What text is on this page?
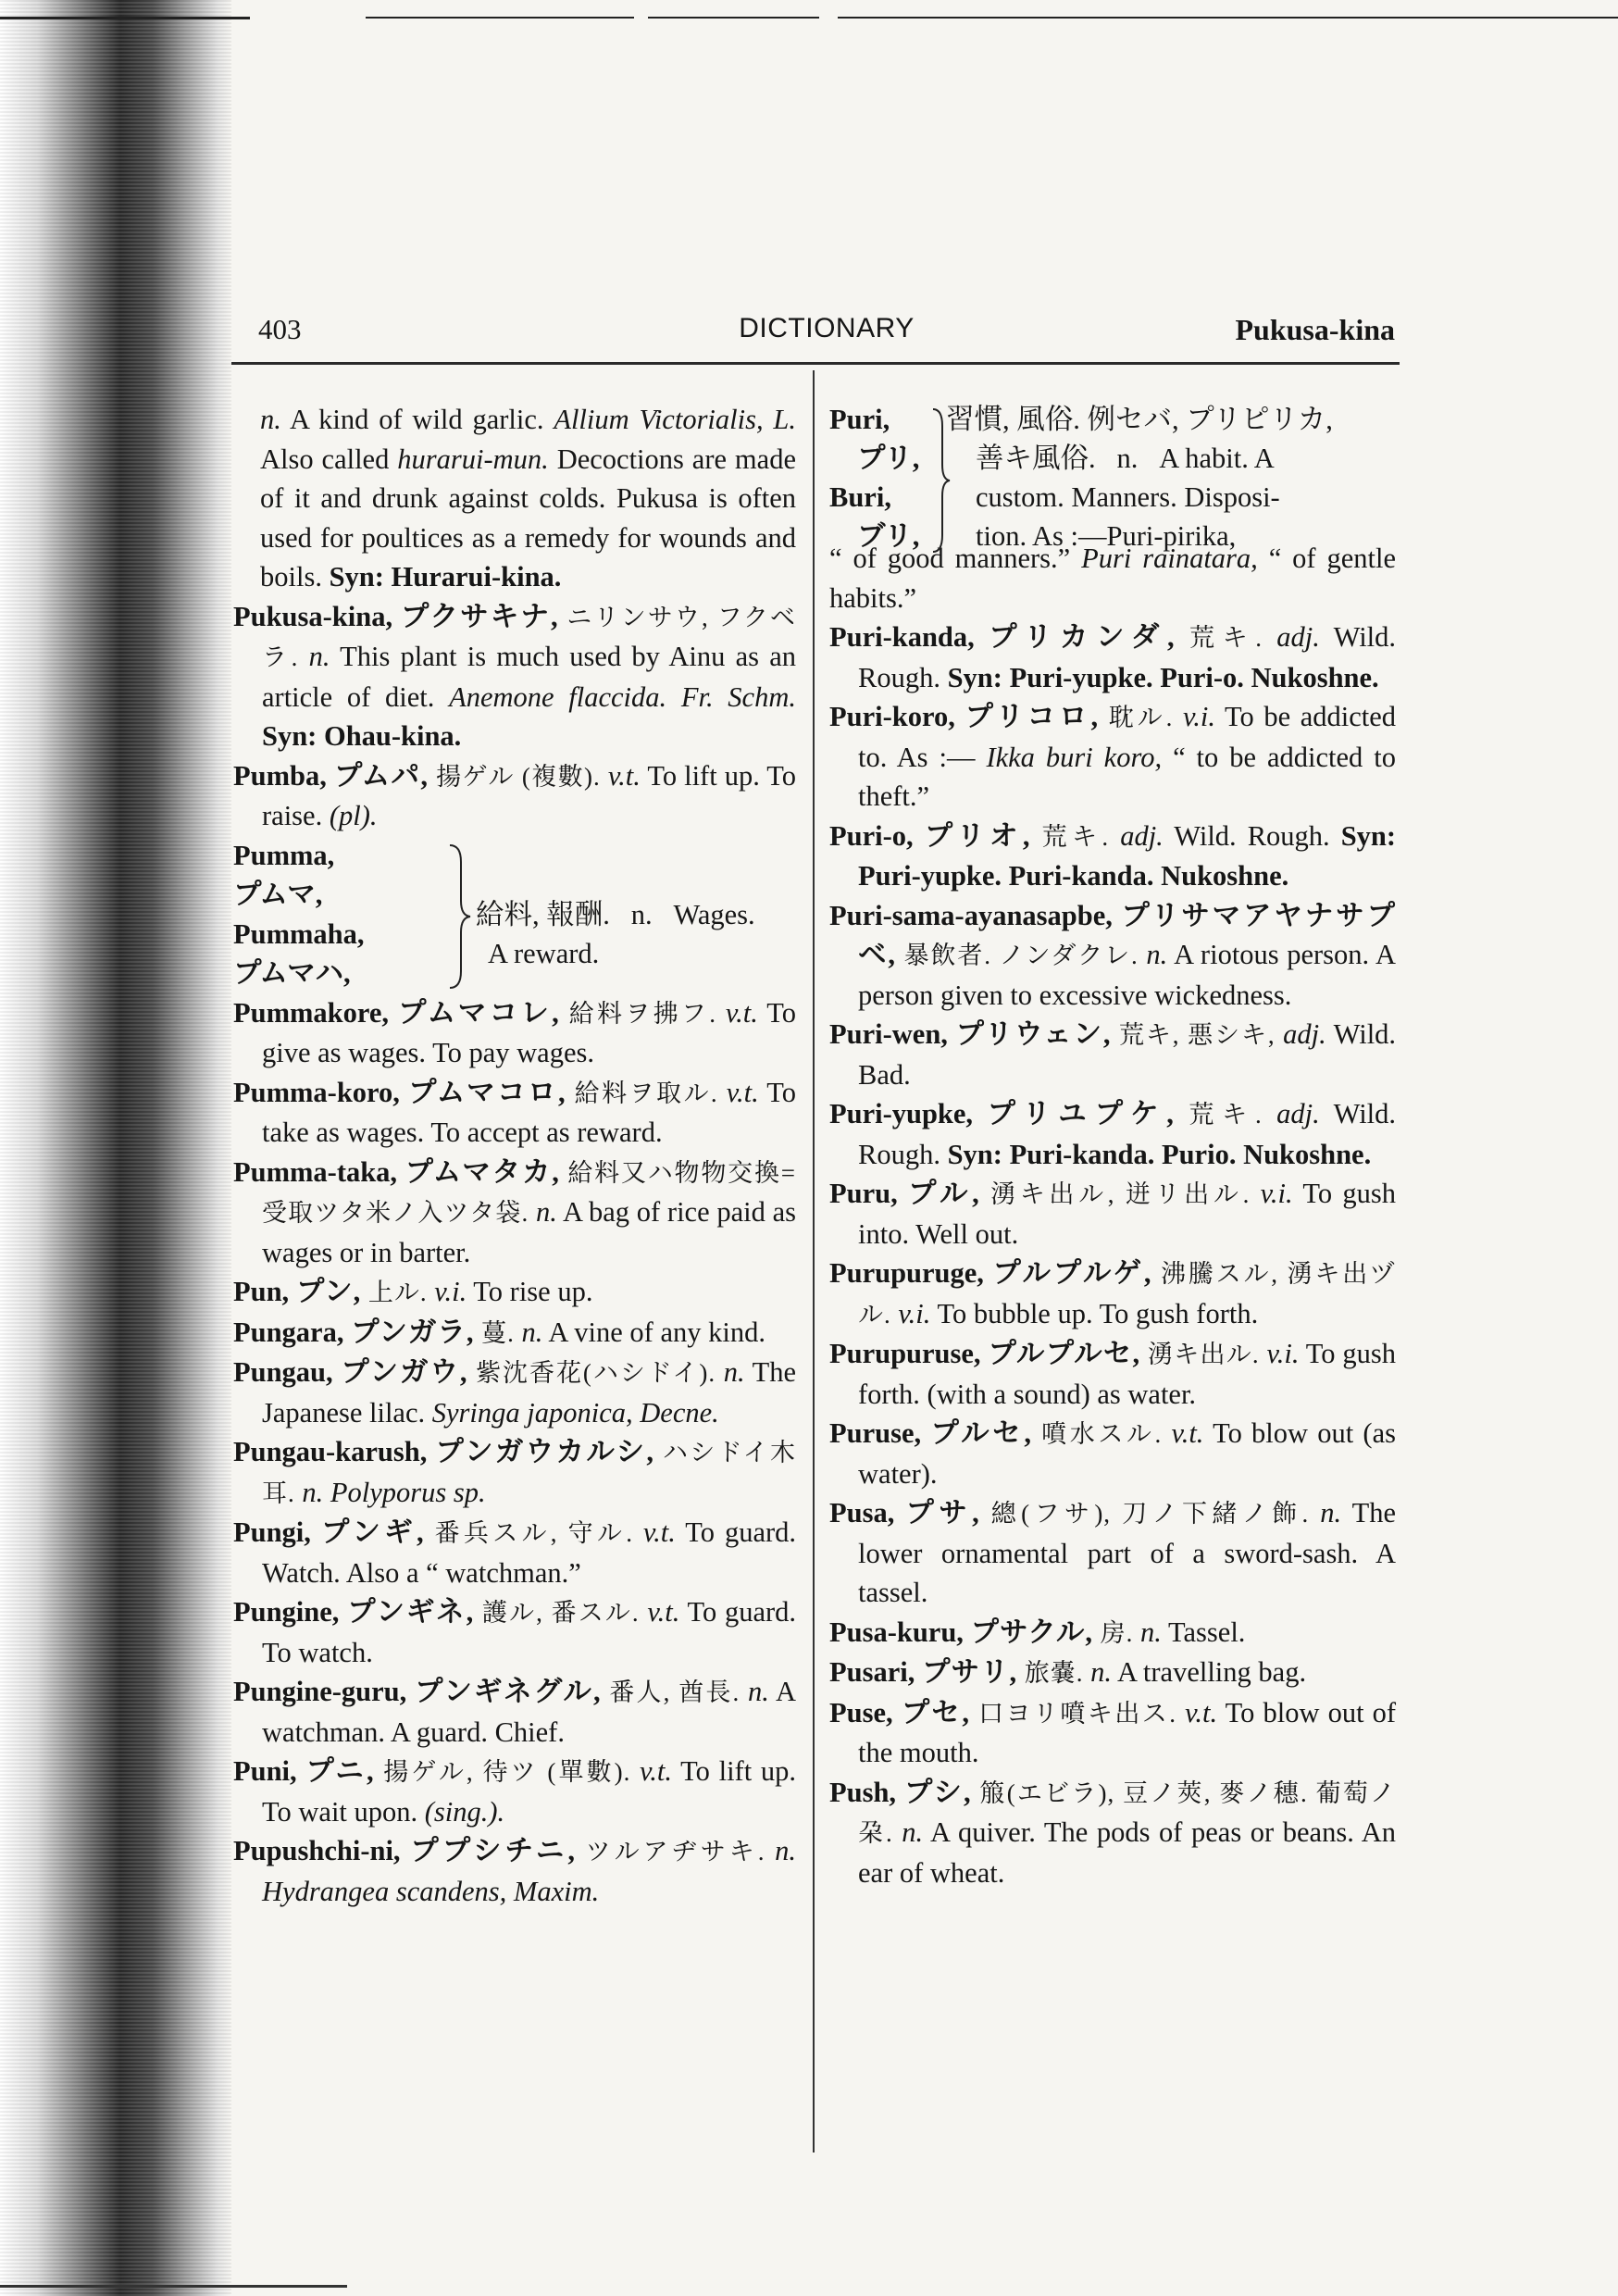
403	DICTIONARY	Pukusa-kina

n. A kind of wild garlic. Allium Victorialis, L. Also called hurarui-mun. Decoctions are made of it and drunk against colds. Pukusa is often used for poultices as a remedy for wounds and boils. Syn: Hurarui-kina.

Pukusa-kina, プクサキナ, ニリンサウ, フクベラ. n. This plant is much used by Ainu as an article of diet. Anemone flaccida. Fr. Schm. Syn: Ohau-kina.

Pumba, プムパ, 揚ゲル (複數). v.t. To lift up. To raise. (pl).

Pumma,
プムマ,
Pummaha,
プムマハ,
給料, 報酬. n. Wages.
A reward.

Pummakore, プムマコレ, 給料ヲ拂フ. v.t. To give as wages. To pay wages.

Pumma-koro, プムマコロ, 給料ヲ取ル. v.t. To take as wages. To accept as reward.

Pumma-taka, プムマタカ, 給料又ハ物物交換=受取ツタ米ノ入ツタ袋. n. A bag of rice paid as wages or in barter.

Pun, プン, 上ル. v.i. To rise up.

Pungara, プンガラ, 蔓. n. A vine of any kind.

Pungau, プンガウ, 紫沈香花(ハシドイ). n. The Japanese lilac. Syringa japonica, Decne.

Pungau-karush, プンガウカルシ, ハシドイ木耳. n. Polyporus sp.

Pungi, プンギ, 番兵スル, 守ル. v.t. To guard. Watch. Also a “ watchman.”

Pungine, プンギネ, 護ル, 番スル. v.t. To guard. To watch.

Pungine-guru, プンギネグル, 番人, 酋長. n. A watchman. A guard. Chief.

Puni, プニ, 揚ゲル, 待ツ (單數). v.t. To lift up. To wait upon. (sing.).

Pupushchi-ni, ププシチニ, ツルアヂサキ. n. Hydrangea scandens, Maxim.

Puri,
プリ,
Buri,
ブリ,
習慣, 風俗. 例セバ, プリピリカ,
善キ風俗. n. A habit. A
custom. Manners. Disposi-
tion. As :—Puri-pirika,

“ of good manners.” Puri rainatara, “ of gentle habits.”

Puri-kanda, プリカンダ, 荒キ. adj. Wild. Rough. Syn: Puri-yupke. Puri-o. Nukoshne.

Puri-koro, プリコロ, 耽ル. v.i. To be addicted to. As :— Ikka buri koro, “ to be addicted to theft.”

Puri-o, プリオ, 荒キ. adj. Wild. Rough. Syn: Puri-yupke. Puri-kanda. Nukoshne.

Puri-sama-ayanasapbe, プリサマアヤナサプベ, 暴飲者. ノンダクレ. n. A riotous person. A person given to excessive wickedness.

Puri-wen, プリウェン, 荒キ, 悪シキ, adj. Wild. Bad.

Puri-yupke, プリユプケ, 荒キ. adj. Wild. Rough. Syn: Puri-kanda. Purio. Nukoshne.

Puru, プル, 湧キ出ル, 迸リ出ル. v.i. To gush into. Well out.

Purupuruge, プルプルゲ, 沸騰スル, 湧キ出ヅル. v.i. To bubble up. To gush forth.

Purupuruse, プルプルセ, 湧キ出ル. v.i. To gush forth. (with a sound) as water.

Puruse, プルセ, 噴水スル. v.t. To blow out (as water).

Pusa, プサ, 總(フサ), 刀ノ下緒ノ飾. n. The lower ornamental part of a sword-sash. A tassel.

Pusa-kuru, プサクル, 房. n. Tassel.

Pusari, プサリ, 旅嚢. n. A travelling bag.

Puse, プセ, 口ヨリ噴キ出ス. v.t. To blow out of the mouth.

Push, プシ, 箙(エビラ), 豆ノ莢, 麥ノ穗. 葡萄ノ朶. n. A quiver. The pods of peas or beans. An ear of wheat.
